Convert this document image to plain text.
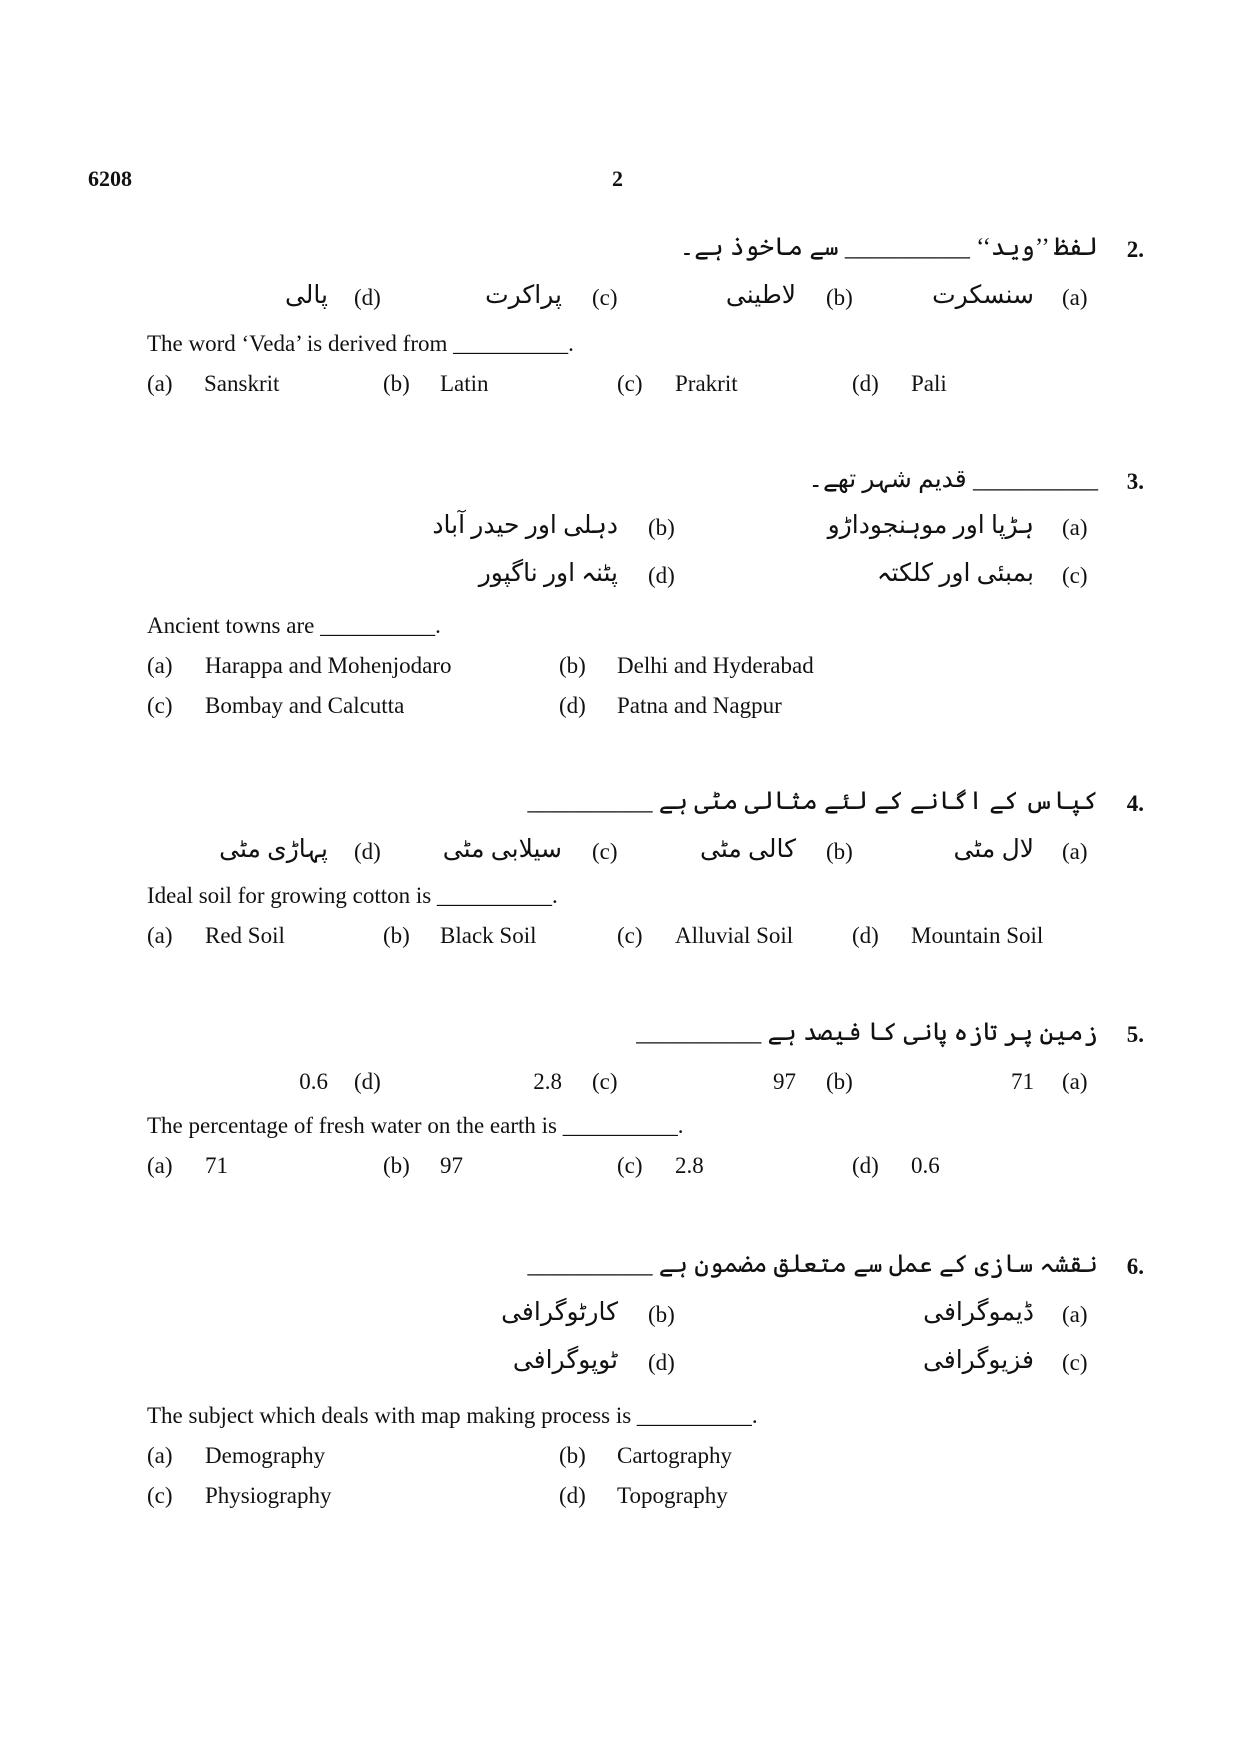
6208	2
2.
لفظ ’’وید‘‘ __________ سے ماخوذ ہے۔
(a)
سنسکرت
(b)
لاطینی
(c)
پراکرت
(d)
پالی
The word ‘Veda’ is derived from __________.
(a) Sanskrit	(b) Latin	(c) Prakrit	(d) Pali
3.
__________ قدیم شہر تھے۔
(a)
ہڑپا اور موہنجوداڑو
(b)
دہلی اور حیدر آباد
(c)
بمبئی اور کلکتہ
(d)
پٹنہ اور ناگپور
Ancient towns are __________.
(a) Harappa and Mohenjodaro	(b) Delhi and Hyderabad
(c) Bombay and Calcutta	(d) Patna and Nagpur
4.
کپاس کے اگانے کے لئے مثالی مٹی ہے __________
(a)
لال مٹی
(b)
کالی مٹی
(c)
سیلابی مٹی
(d)
پہاڑی مٹی
Ideal soil for growing cotton is __________.
(a) Red Soil	(b) Black Soil	(c) Alluvial Soil	(d) Mountain Soil
5.
زمین پر تازہ پانی کا فیصد ہے __________
(a)
71
(b)
97
(c)
2.8
(d)
0.6
The percentage of fresh water on the earth is __________.
(a) 71	(b) 97	(c) 2.8	(d) 0.6
6.
نقشہ سازی کے عمل سے متعلق مضمون ہے __________
(a)
ڈیموگرافی
(b)
کارٹوگرافی
(c)
فزیوگرافی
(d)
ٹوپوگرافی
The subject which deals with map making process is __________.
(a) Demography	(b) Cartography
(c) Physiography	(d) Topography
